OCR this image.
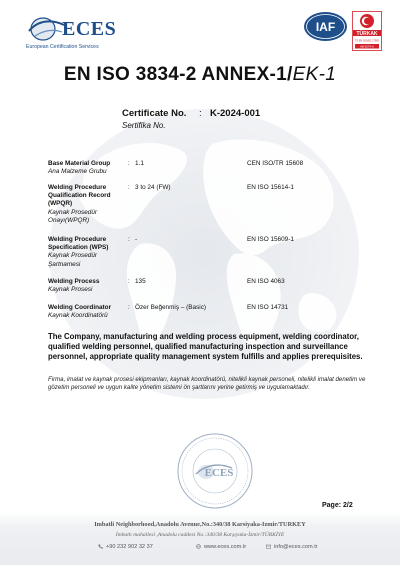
ECES
European Certification Services
IAF	TÜRKAK
TS EN ISO/IEC 17065
AB-0274-U
EN ISO 3834-2 ANNEX-1/EK-1
Certificate No. : K-2024-001
Sertifika No.
Base Material Group
Ana Malzeme Grubu
: 1.1	CEN ISO/TR 15608
Welding Procedure Qualification Record (WPQR)
Kaynak Prosedür Onayı(WPQR)
: 3 to 24 (FW)	EN ISO 15614-1
Welding Procedure Specification (WPS)
Kaynak Prosedür Şartnamesi
: -	EN ISO 15609-1
Welding Process
Kaynak Prosesi
: 135	EN ISO 4063
Welding Coordinator
Kaynak Koordinatörü
: Özer Beğenmiş – (Basic)	EN ISO 14731
The Company, manufacturing and welding process equipment, welding coordinator, qualified welding personnel, qualified manufacturing inspection and surveillance personnel, appropriate quality management system fulfills and applies prerequisites.
Firma, imalat ve kaynak prosesi ekipmanları, kaynak koordinatörü, nitelikli kaynak personeli, nitelikli imalat denetim ve gözetim personeli ve uygun kalite yönetim sistemi ön şartlarını yerine getirmiş ve uygulamaktadır.
ECES
Page: 2/2
Imbatli Neighborhood,Anadolu Avenue,No.:340/38 Karsiyaka-Izmir/TURKEY
İmbatlı mahallesi ,Anadolu caddesi No.:340/38 Karşıyaka-İzmir/TÜRKİYE
+90 232 902 32 37	www.eces.com.tr	info@eces.com.tr
